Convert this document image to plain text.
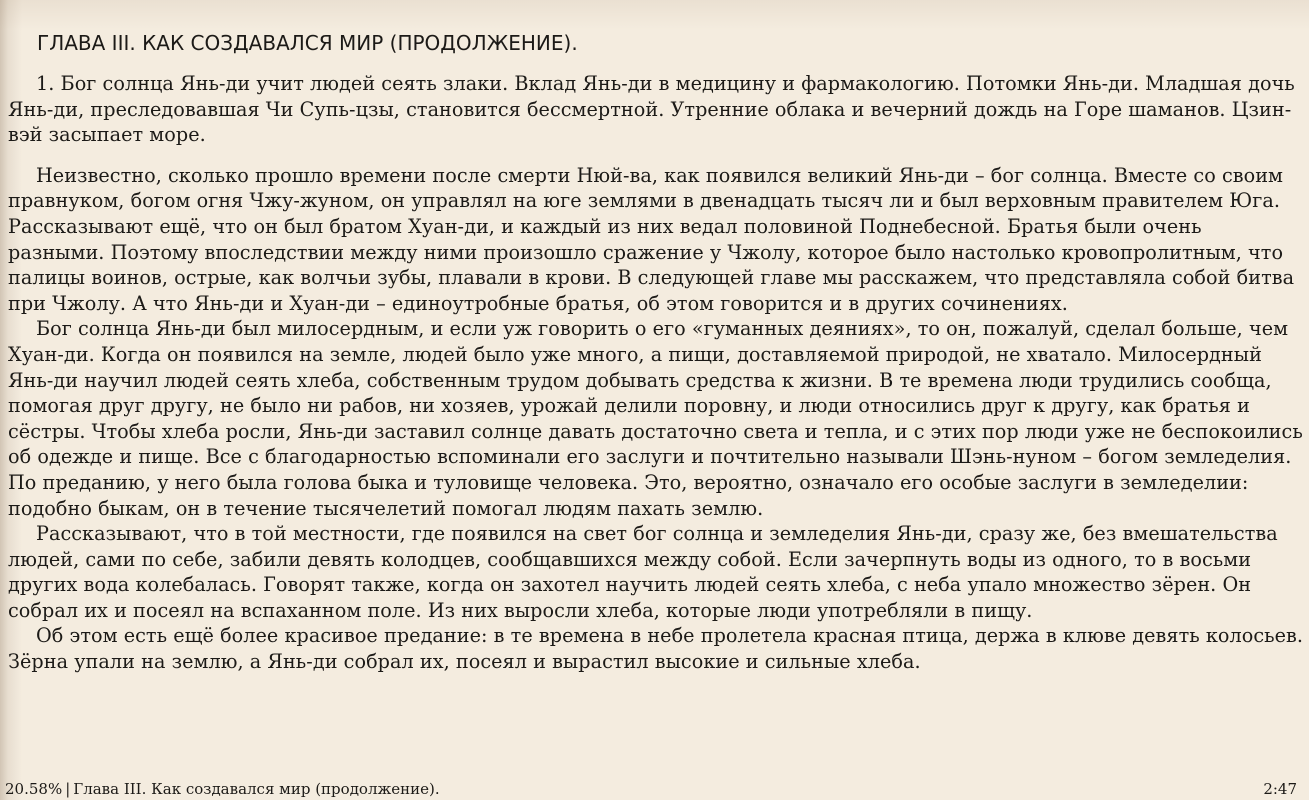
ГЛАВА III. КАК СОЗДАВАЛСЯ МИР (ПРОДОЛЖЕНИЕ).

1. Бог солнца Янь-ди учит людей сеять злаки. Вклад Янь-ди в медицину и фармакологию. Потомки Янь-ди. Младшая дочь Янь-ди, преследовавшая Чи Супь-цзы, становится бессмертной. Утренние облака и вечерний дождь на Горе шаманов. Цзин-вэй засыпает море.

Неизвестно, сколько прошло времени после смерти Нюй-ва, как появился великий Янь-ди – бог солнца. Вместе со своим правнуком, богом огня Чжу-жуном, он управлял на юге землями в двенадцать тысяч ли и был верховным правителем Юга. Рассказывают ещё, что он был братом Хуан-ди, и каждый из них ведал половиной Поднебесной. Братья были очень разными. Поэтому впоследствии между ними произошло сражение у Чжолу, которое было настолько кровопролитным, что палицы воинов, острые, как волчьи зубы, плавали в крови. В следующей главе мы расскажем, что представляла собой битва при Чжолу. А что Янь-ди и Хуан-ди – единоутробные братья, об этом говорится и в других сочинениях.

Бог солнца Янь-ди был милосердным, и если уж говорить о его «гуманных деяниях», то он, пожалуй, сделал больше, чем Хуан-ди. Когда он появился на земле, людей было уже много, а пищи, доставляемой природой, не хватало. Милосердный Янь-ди научил людей сеять хлеба, собственным трудом добывать средства к жизни. В те времена люди трудились сообща, помогая друг другу, не было ни рабов, ни хозяев, урожай делили поровну, и люди относились друг к другу, как братья и сёстры. Чтобы хлеба росли, Янь-ди заставил солнце давать достаточно света и тепла, и с этих пор люди уже не беспокоились об одежде и пище. Все с благодарностью вспоминали его заслуги и почтительно называли Шэнь-нуном – богом земледелия. По преданию, у него была голова быка и туловище человека. Это, вероятно, означало его особые заслуги в земледелии: подобно быкам, он в течение тысячелетий помогал людям пахать землю.

Рассказывают, что в той местности, где появился на свет бог солнца и земледелия Янь-ди, сразу же, без вмешательства людей, сами по себе, забили девять колодцев, сообщавшихся между собой. Если зачерпнуть воды из одного, то в восьми других вода колебалась. Говорят также, когда он захотел научить людей сеять хлеба, с неба упало множество зёрен. Он собрал их и посеял на вспаханном поле. Из них выросли хлеба, которые люди употребляли в пищу.

Об этом есть ещё более красивое предание: в те времена в небе пролетела красная птица, держа в клюве девять колосьев. Зёрна упали на землю, а Янь-ди собрал их, посеял и вырастил высокие и сильные хлеба.

20.58% | Глава III. Как создавался мир (продолжение).	2:47
